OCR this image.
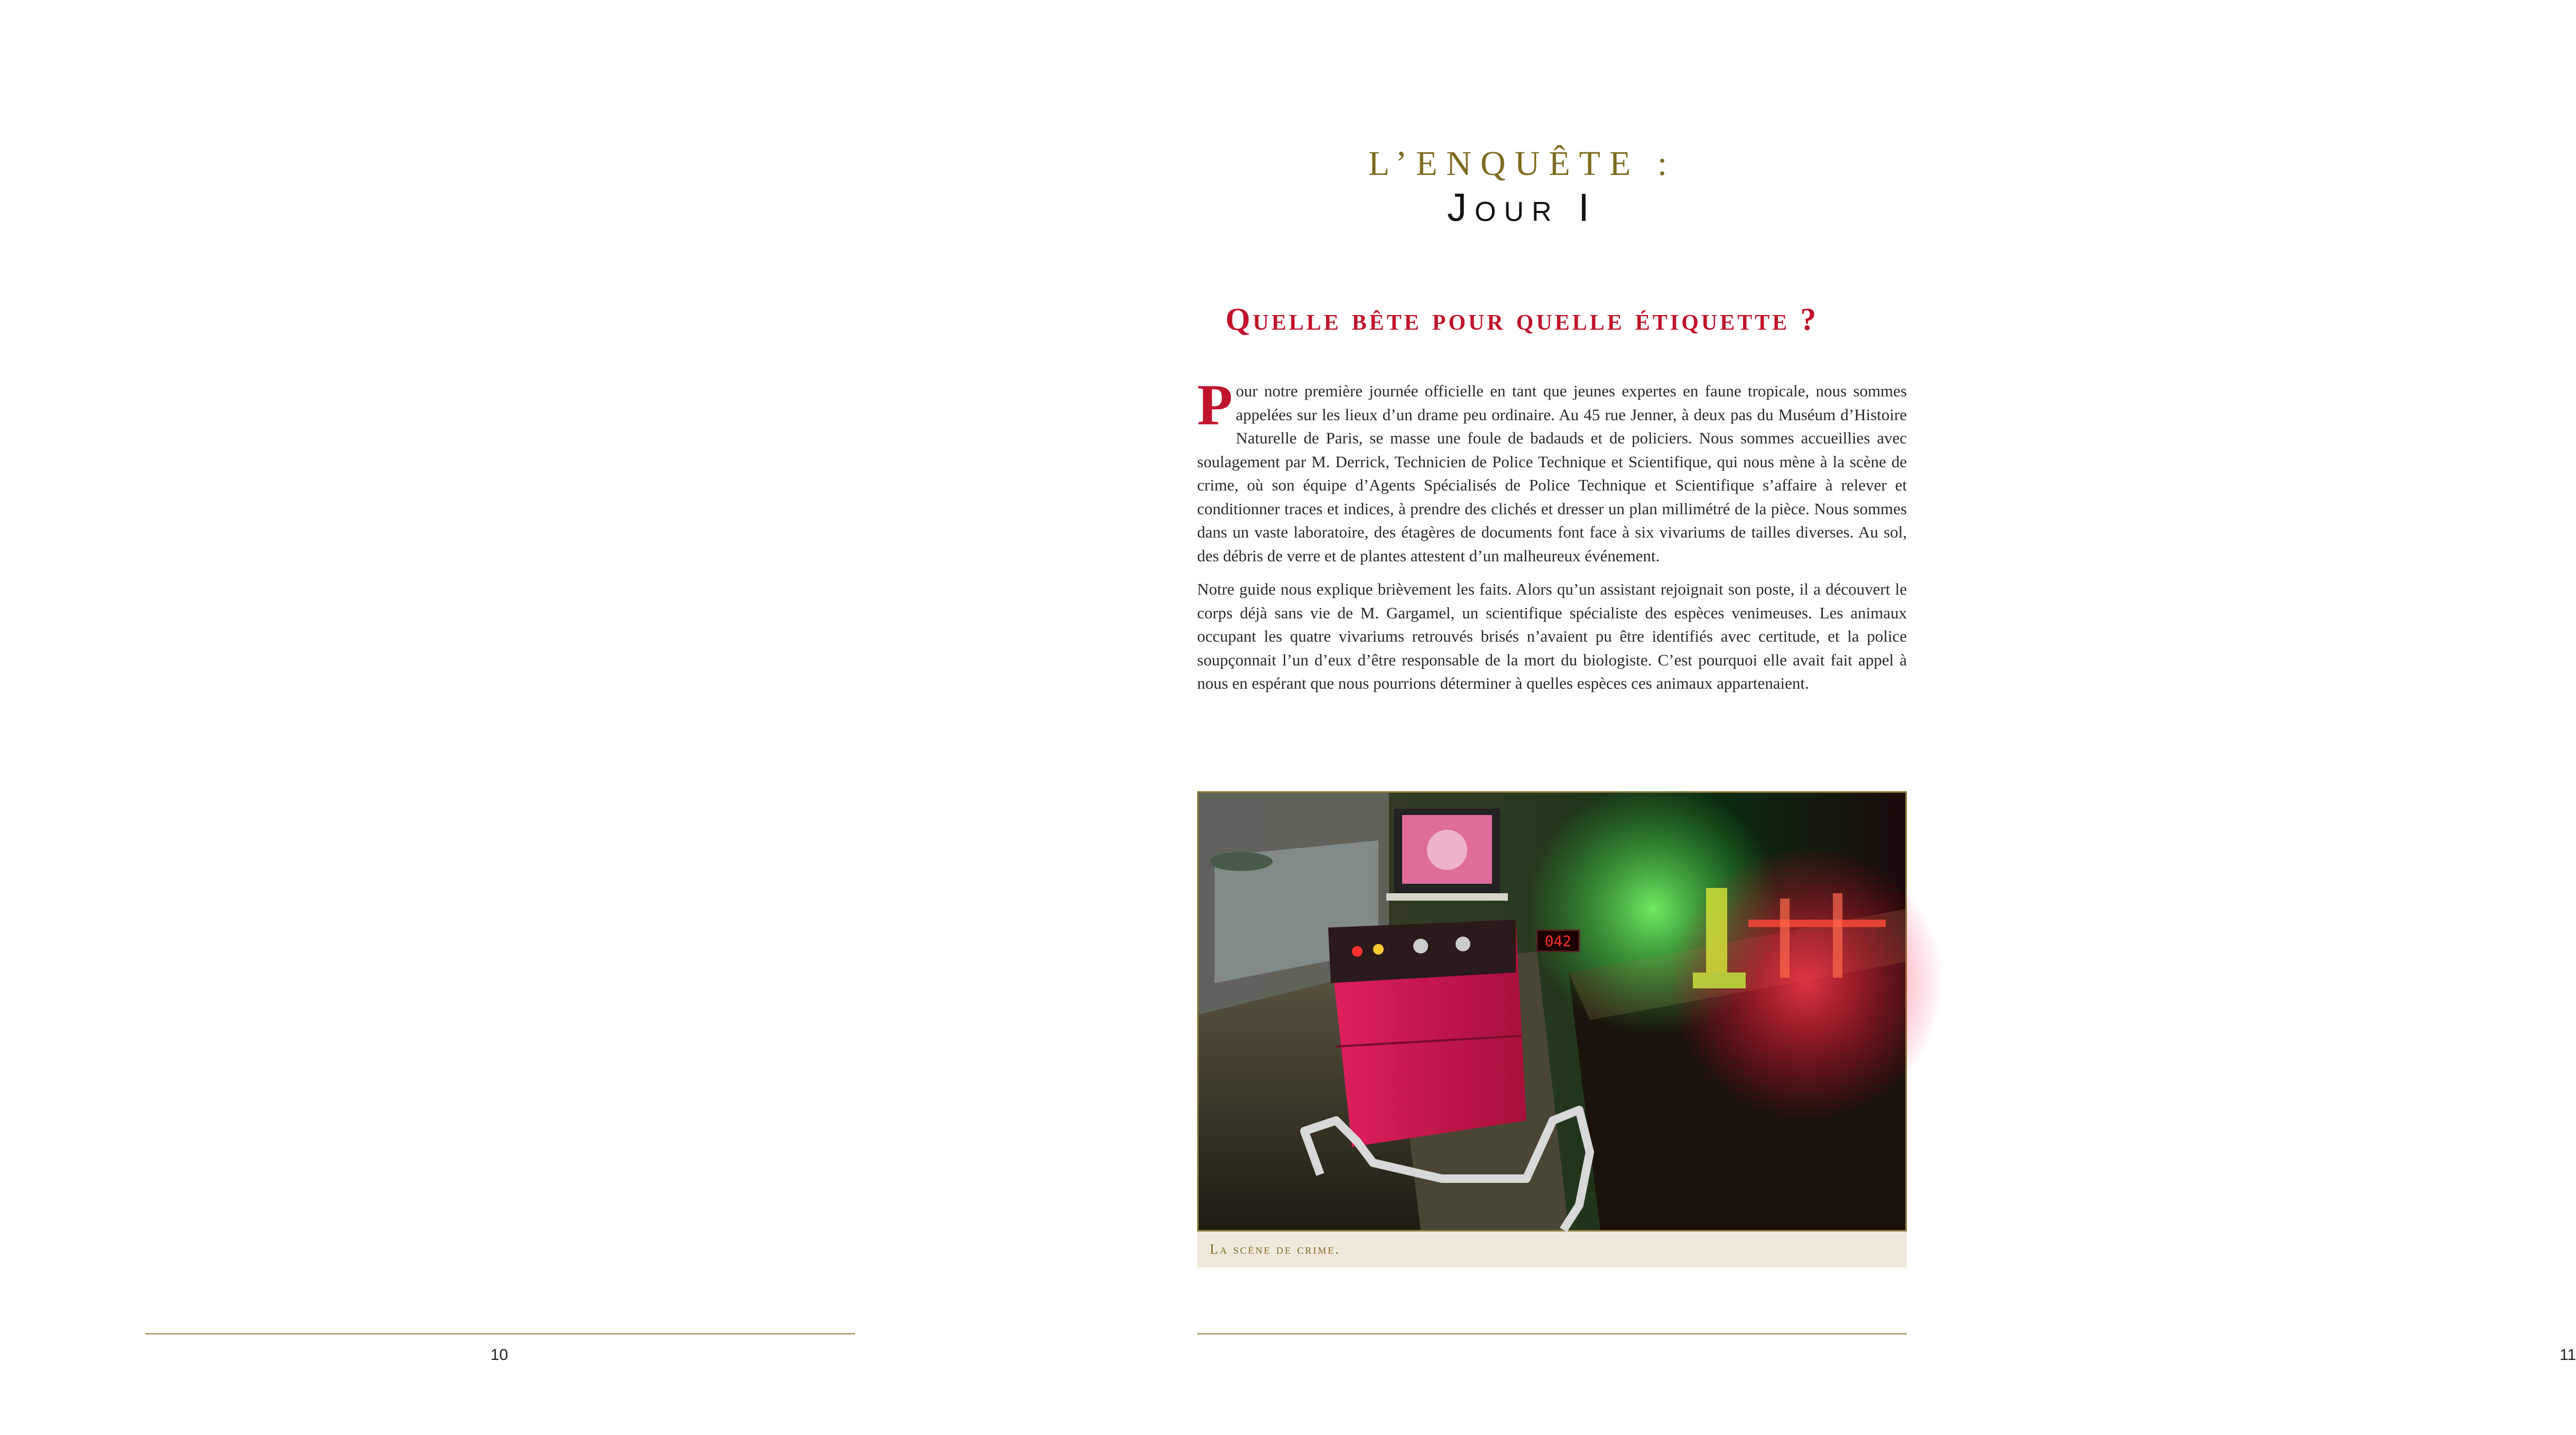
10
L’ENQUÊTE :
Jour I
Quelle bête pour quelle étiquette ?

Pour notre première journée officielle en tant que jeunes expertes en faune tropicale, nous sommes appelées sur les lieux d’un drame peu ordinaire. Au 45 rue Jenner, à deux pas du Muséum d’Histoire Naturelle de Paris, se masse une foule de badauds et de policiers. Nous sommes accueillies avec soulagement par M. Derrick, Technicien de Police Technique et Scientifique, qui nous mène à la scène de crime, où son équipe d’Agents Spécialisés de Police Technique et Scientifique s’affaire à relever et conditionner traces et indices, à prendre des clichés et dresser un plan millimétré de la pièce. Nous sommes dans un vaste laboratoire, des étagères de documents font face à six vivariums de tailles diverses. Au sol, des débris de verre et de plantes attestent d’un malheureux événement.

Notre guide nous explique brièvement les faits. Alors qu’un assistant rejoignait son poste, il a découvert le corps déjà sans vie de M. Gargamel, un scientifique spécialiste des espèces venimeuses. Les animaux occupant les quatre vivariums retrouvés brisés n’avaient pu être identifiés avec certitude, et la police soupçonnait l’un d’eux d’être responsable de la mort du biologiste. C’est pourquoi elle avait fait appel à nous en espérant que nous pourrions déterminer à quelles espèces ces animaux appartenaient.

042
La scène de crime.
11
